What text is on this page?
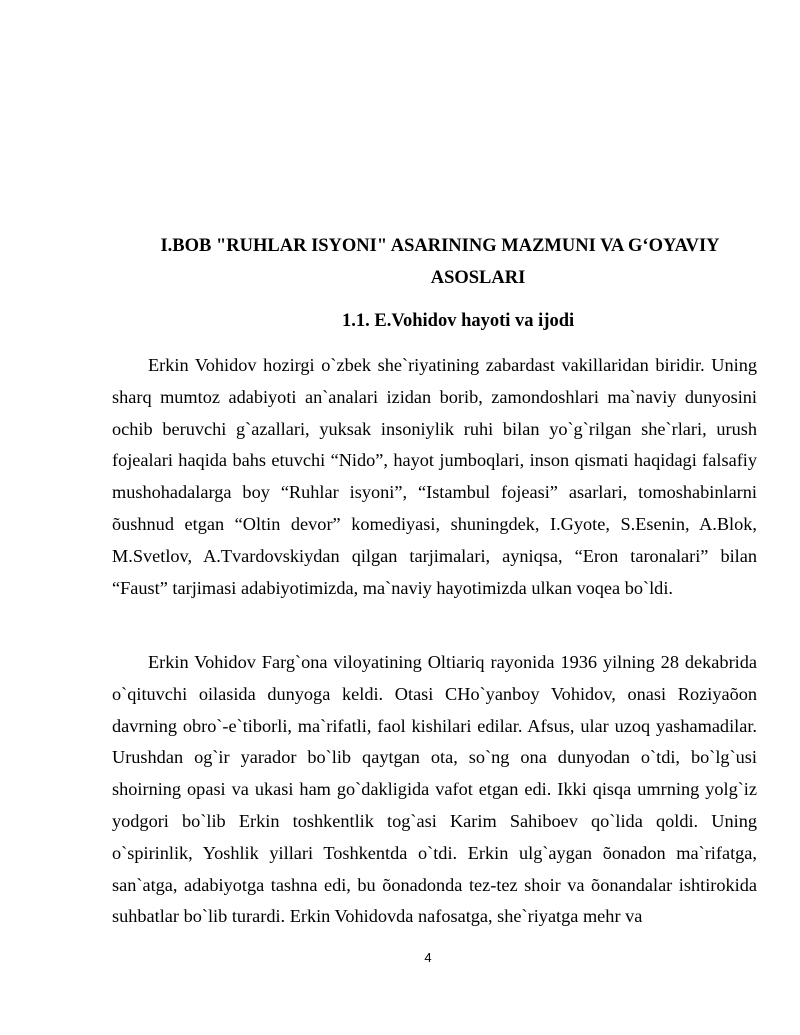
I.BOB "RUHLAR ISYONI" ASARINING MAZMUNI VA G‘OYAVIY
ASOSLARI
1.1. E.Vohidov hayoti va ijodi

Erkin Vohidov hozirgi o`zbek she`riyatining zabardast vakillaridan biridir. Uning sharq mumtoz adabiyoti an`analari izidan borib, zamondoshlari ma`naviy dunyosini ochib beruvchi g`azallari, yuksak insoniylik ruhi bilan yo`g`rilgan she`rlari, urush fojealari haqida bahs etuvchi “Nido”, hayot jumboqlari, inson qismati haqidagi falsafiy mushohadalarga boy “Ruhlar isyoni”, “Istambul fojeasi” asarlari, tomoshabinlarni õushnud etgan “Oltin devor” komediyasi, shuningdek, I.Gyote, S.Esenin, A.Blok, M.Svetlov, A.Tvardovskiydan qilgan tarjimalari, ayniqsa, “Eron taronalari” bilan “Faust” tarjimasi adabiyotimizda, ma`naviy hayotimizda ulkan voqea bo`ldi.

Erkin Vohidov Farg`ona viloyatining Oltiariq rayonida 1936 yilning 28 dekabrida o`qituvchi oilasida dunyoga keldi. Otasi CHo`yanboy Vohidov, onasi Roziyaõon davrning obro`-e`tiborli, ma`rifatli, faol kishilari edilar. Afsus, ular uzoq yashamadilar. Urushdan og`ir yarador bo`lib qaytgan ota, so`ng ona dunyodan o`tdi, bo`lg`usi shoirning opasi va ukasi ham go`dakligida vafot etgan edi. Ikki qisqa umrning yolg`iz yodgori bo`lib Erkin toshkentlik tog`asi Karim Sahiboev qo`lida qoldi. Uning o`spirinlik, Yoshlik yillari Toshkentda o`tdi. Erkin ulg`aygan õonadon ma`rifatga, san`atga, adabiyotga tashna edi, bu õonadonda tez-tez shoir va õonandalar ishtirokida suhbatlar bo`lib turardi. Erkin Vohidovda nafosatga, she`riyatga mehr va

4
